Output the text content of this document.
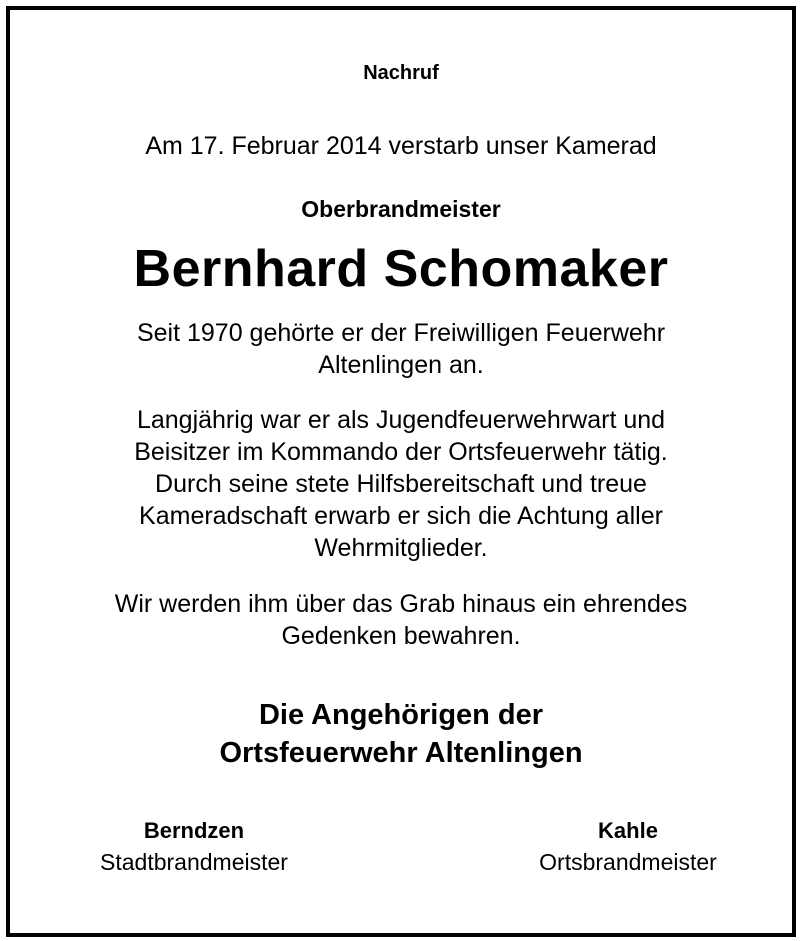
Nachruf
Am 17. Februar 2014 verstarb unser Kamerad
Oberbrandmeister
Bernhard Schomaker
Seit 1970 gehörte er der Freiwilligen Feuerwehr
Altenlingen an.
Langjährig war er als Jugendfeuerwehrwart und
Beisitzer im Kommando der Ortsfeuerwehr tätig.
Durch seine stete Hilfsbereitschaft und treue
Kameradschaft erwarb er sich die Achtung aller
Wehrmitglieder.
Wir werden ihm über das Grab hinaus ein ehrendes
Gedenken bewahren.
Die Angehörigen der
Ortsfeuerwehr Altenlingen
Berndzen
Stadtbrandmeister
Kahle
Ortsbrandmeister
